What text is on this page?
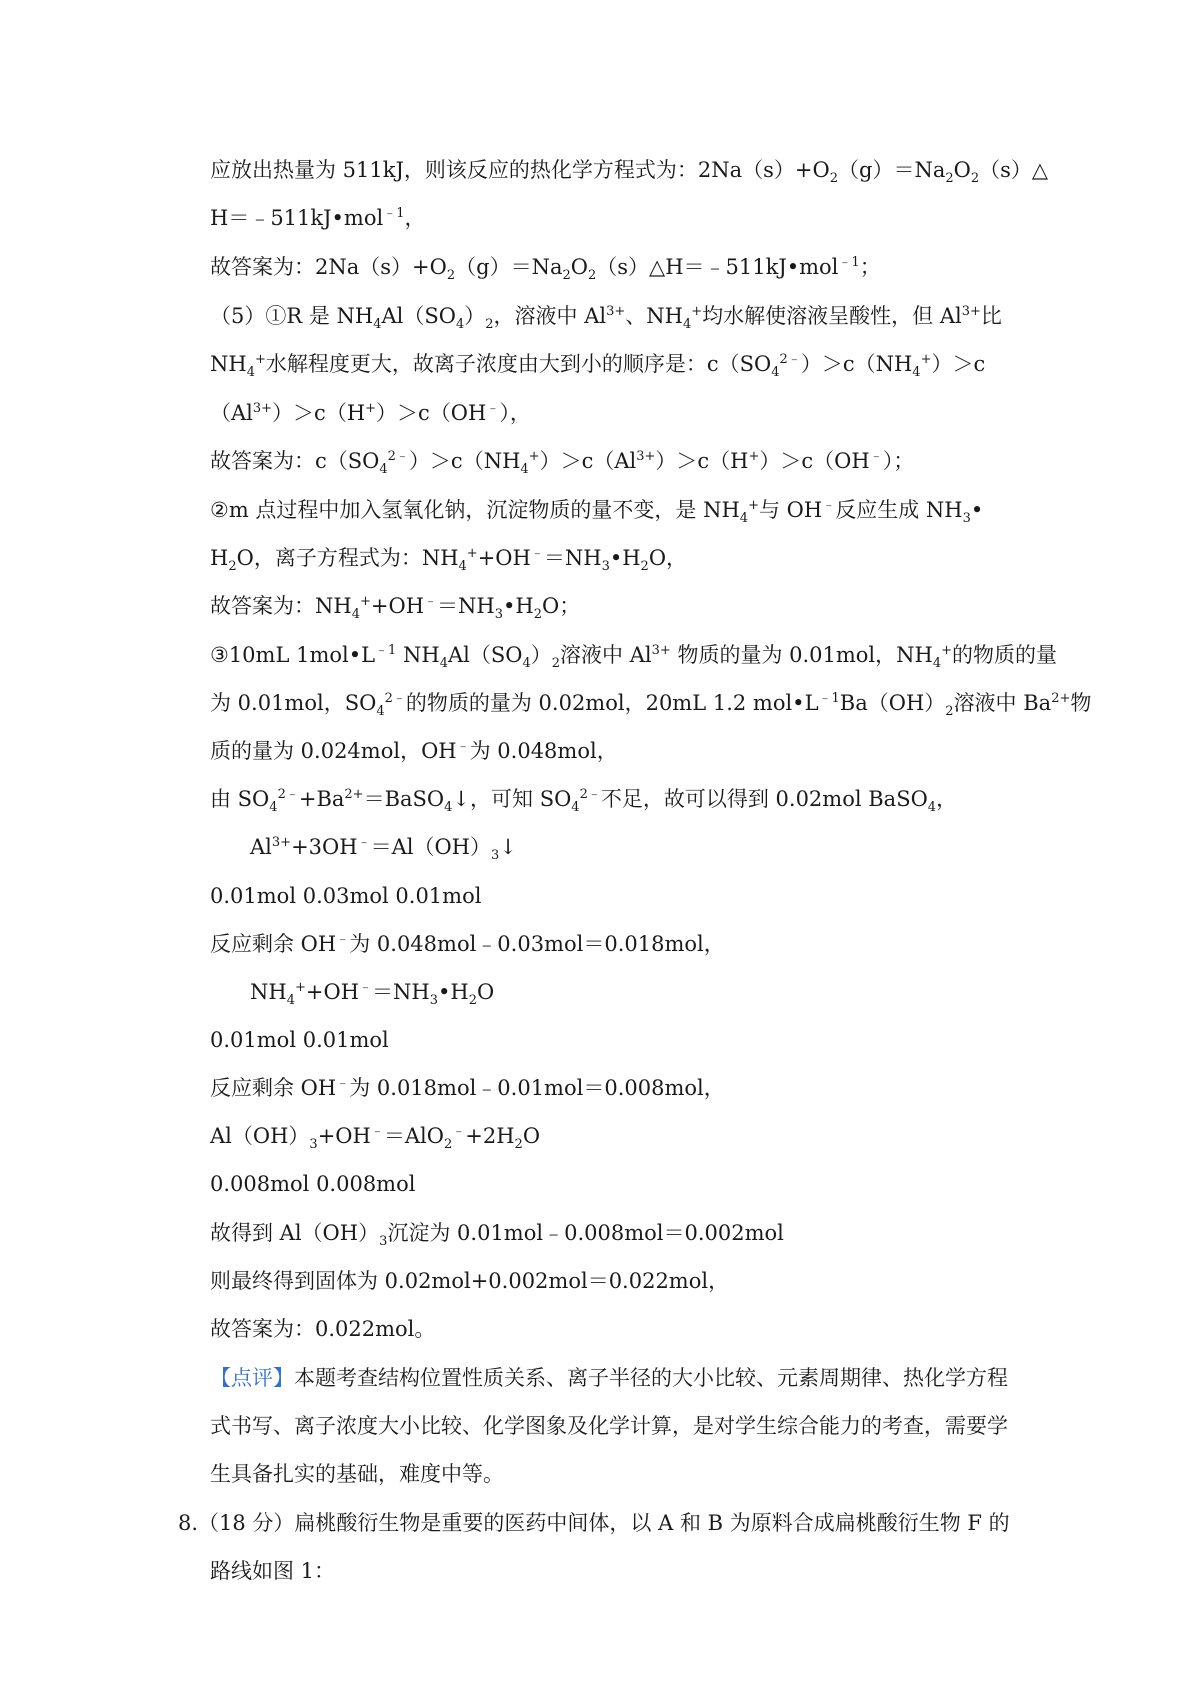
应放出热量为 511kJ，则该反应的热化学方程式为：$2Na(s)+O_2(g)=Na_2O_2(s)\triangle$
H＝﹣511kJ•mol$^{﹣1}$，
故答案为：$2Na(s)+O_2(g)=Na_2O_2(s)\triangle H=﹣511kJ•mol^{﹣1}$；
（5）①R 是 $NH_4Al(SO_4)_2$，溶液中 $Al^{3+}$、$NH_4^+$均水解使溶液呈酸性，但 $Al^{3+}$比
$NH_4^+$水解程度更大，故离子浓度由大到小的顺序是：$c(SO_4^{2﹣})>c(NH_4^+)>c$
$(Al^{3+})>c(H^+)>c(OH^﹣)$，
故答案为：$c(SO_4^{2﹣})>c(NH_4^+)>c(Al^{3+})>c(H^+)>c(OH^﹣)$；
②m 点过程中加入氢氧化钠，沉淀物质的量不变，是 $NH_4^+$与 OH﹣反应生成 $NH_3•$
$H_2O$，离子方程式为：$NH_4^++OH^﹣=NH_3•H_2O$，
故答案为：$NH_4^++OH^﹣=NH_3•H_2O$；
③10mL $1mol•L^{﹣1}$ $NH_4Al(SO_4)_2$溶液中 $Al^{3+}$ 物质的量为 0.01mol，$NH_4^+$的物质的量
为 0.01mol，$SO_4^{2﹣}$的物质的量为 0.02mol，20mL 1.2 $mol•L^{﹣1}Ba(OH)_2$溶液中 $Ba^{2+}$物
质的量为 0.024mol，OH﹣为 0.048mol，
由 $SO_4^{2﹣}+Ba^{2+}=BaSO_4↓$，可知 $SO_4^{2﹣}$不足，故可以得到 0.02mol BaSO$_4$，
$Al^{3+}+3OH^﹣=Al(OH)_3↓$
0.01mol 0.03mol 0.01mol
反应剩余 OH﹣为 0.048mol﹣0.03mol＝0.018mol，
$NH_4^++OH^﹣=NH_3•H_2O$
0.01mol 0.01mol
反应剩余 OH﹣为 0.018mol﹣0.01mol＝0.008mol，
$Al(OH)_3+OH^﹣=AlO_2^﹣+2H_2O$
0.008mol 0.008mol
故得到 $Al(OH)_3$沉淀为 0.01mol﹣0.008mol＝0.002mol
则最终得到固体为 0.02mol+0.002mol＝0.022mol，
故答案为：0.022mol。
【点评】本题考查结构位置性质关系、离子半径的大小比较、元素周期律、热化学方程
式书写、离子浓度大小比较、化学图象及化学计算，是对学生综合能力的考查，需要学
生具备扎实的基础，难度中等。
8.（18 分）扁桃酸衍生物是重要的医药中间体，以 A 和 B 为原料合成扁桃酸衍生物 F 的
路线如图 1：
